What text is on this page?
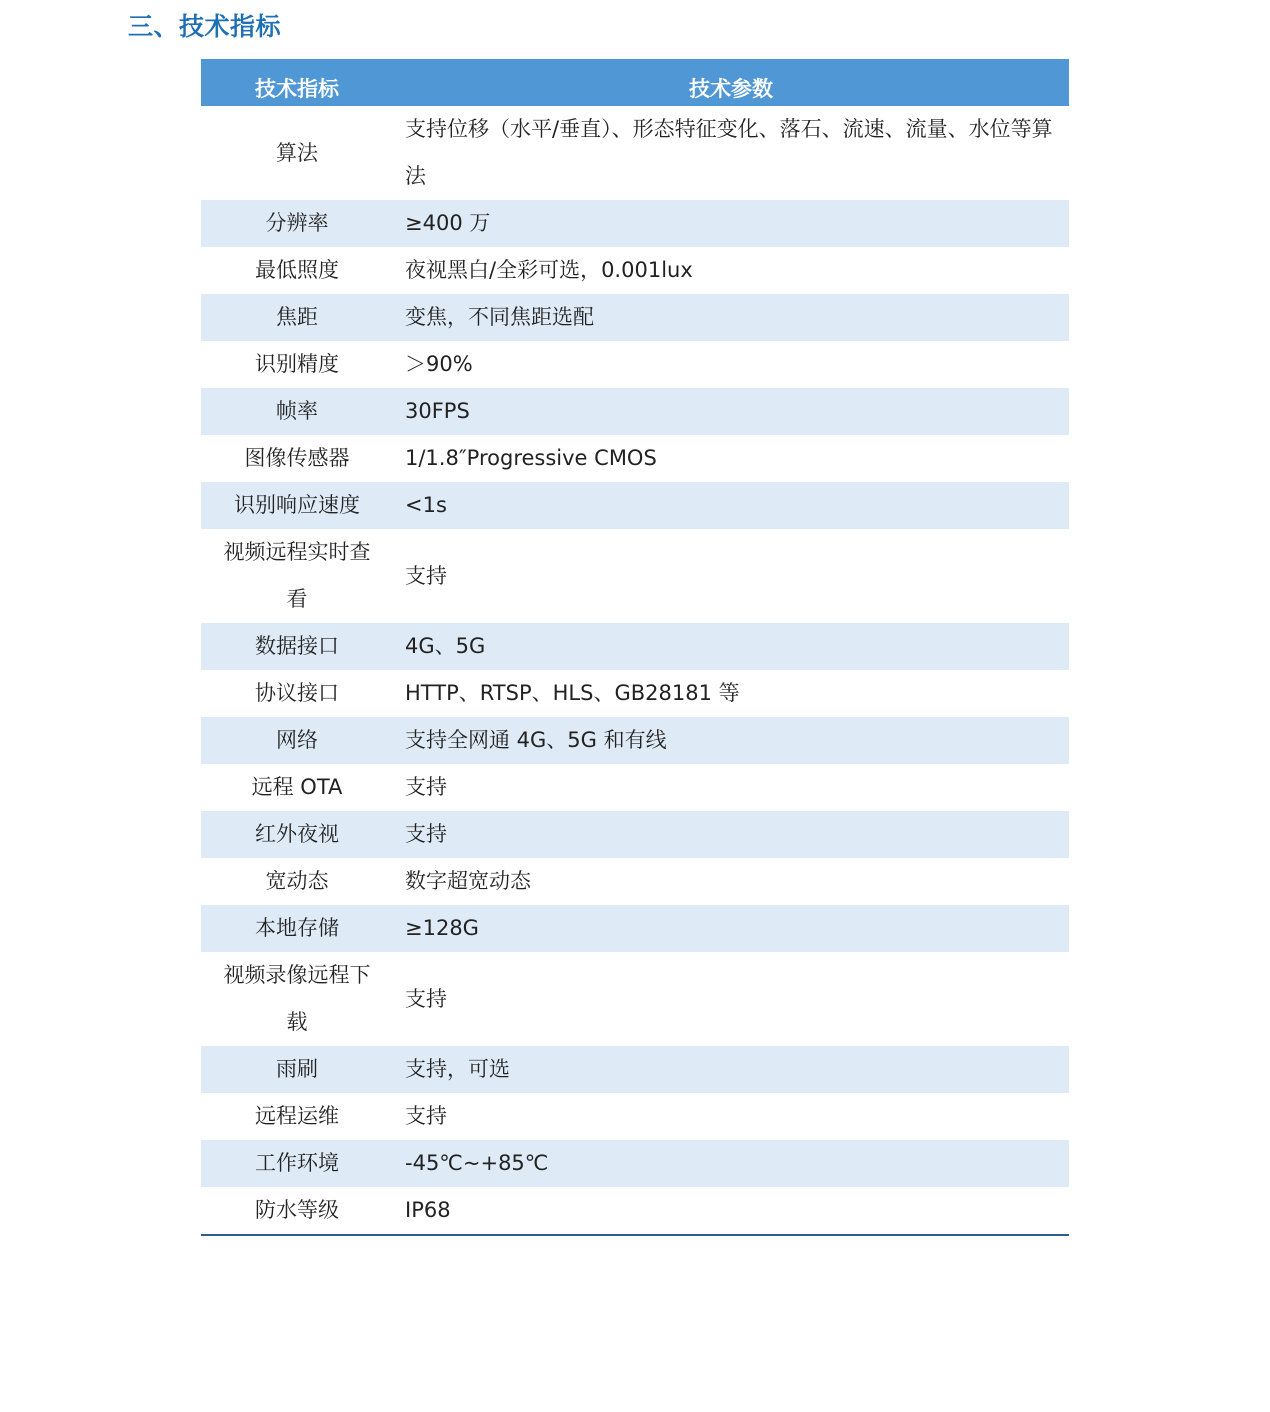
三、技术指标
技术指标	技术参数
算法	支持位移（水平/垂直）、形态特征变化、落石、流速、流量、水位等算法
分辨率	≥400 万
最低照度	夜视黑白/全彩可选，0.001lux
焦距	变焦，不同焦距选配
识别精度	＞90%
帧率	30FPS
图像传感器	1/1.8″Progressive CMOS
识别响应速度	<1s
视频远程实时查看	支持
数据接口	4G、5G
协议接口	HTTP、RTSP、HLS、GB28181 等
网络	支持全网通 4G、5G 和有线
远程 OTA	支持
红外夜视	支持
宽动态	数字超宽动态
本地存储	≥128G
视频录像远程下载	支持
雨刷	支持，可选
远程运维	支持
工作环境	-45℃~+85℃
防水等级	IP68
